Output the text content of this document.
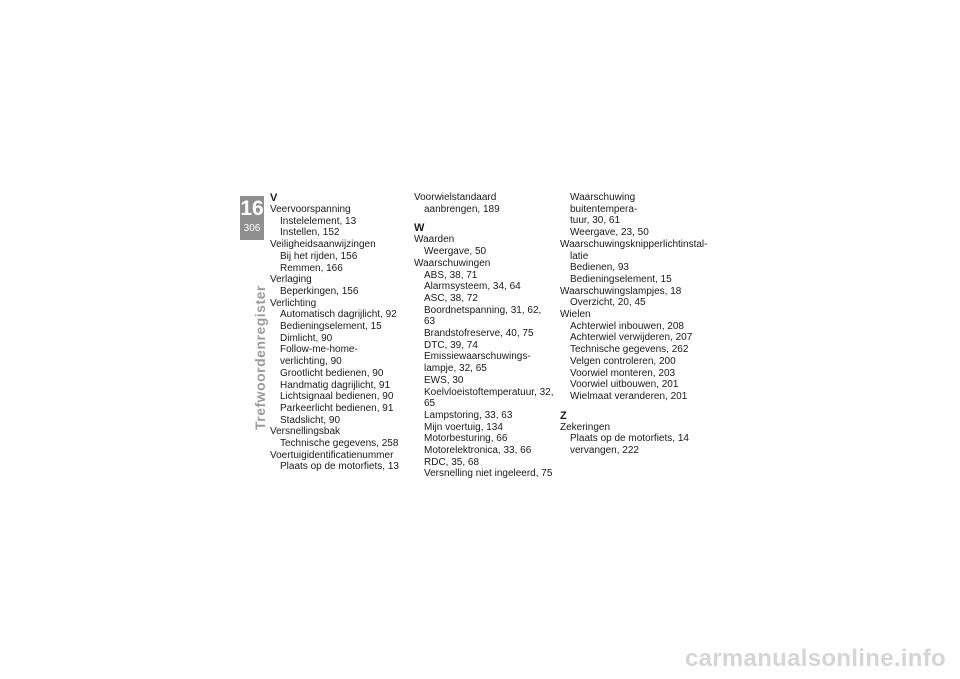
16
306
Trefwoordenregister
V
Veervoorspanning
Instelelement, 13
Instellen, 152
Veiligheidsaanwijzingen
Bij het rijden, 156
Remmen, 166
Verlaging
Beperkingen, 156
Verlichting
Automatisch dagrijlicht, 92
Bedieningselement, 15
Dimlicht, 90
Follow-me-home-
verlichting, 90
Grootlicht bedienen, 90
Handmatig dagrijlicht, 91
Lichtsignaal bedienen, 90
Parkeerlicht bedienen, 91
Stadslicht, 90
Versnellingsbak
Technische gegevens, 258
Voertuigidentificatienummer
Plaats op de motorfiets, 13
Voorwielstandaard
aanbrengen, 189
W
Waarden
Weergave, 50
Waarschuwingen
ABS, 38, 71
Alarmsysteem, 34, 64
ASC, 38, 72
Boordnetspanning, 31, 62, 63
Brandstofreserve, 40, 75
DTC, 39, 74
Emissiewaarschuwings-
lampje, 32, 65
EWS, 30
Koelvloeistoftemperatuur, 32,
65
Lampstoring, 33, 63
Mijn voertuig, 134
Motorbesturing, 66
Motorelektronica, 33, 66
RDC, 35, 68
Versnelling niet ingeleerd, 75
Waarschuwing buitentempera-
tuur, 30, 61
Weergave, 23, 50
Waarschuwingsknipperlichtinstal-
latie
Bedienen, 93
Bedieningselement, 15
Waarschuwingslampjes, 18
Overzicht, 20, 45
Wielen
Achterwiel inbouwen, 208
Achterwiel verwijderen, 207
Technische gegevens, 262
Velgen controleren, 200
Voorwiel monteren, 203
Voorwiel uitbouwen, 201
Wielmaat veranderen, 201
Z
Zekeringen
Plaats op de motorfiets, 14
vervangen, 222
carmanualsonline.info
